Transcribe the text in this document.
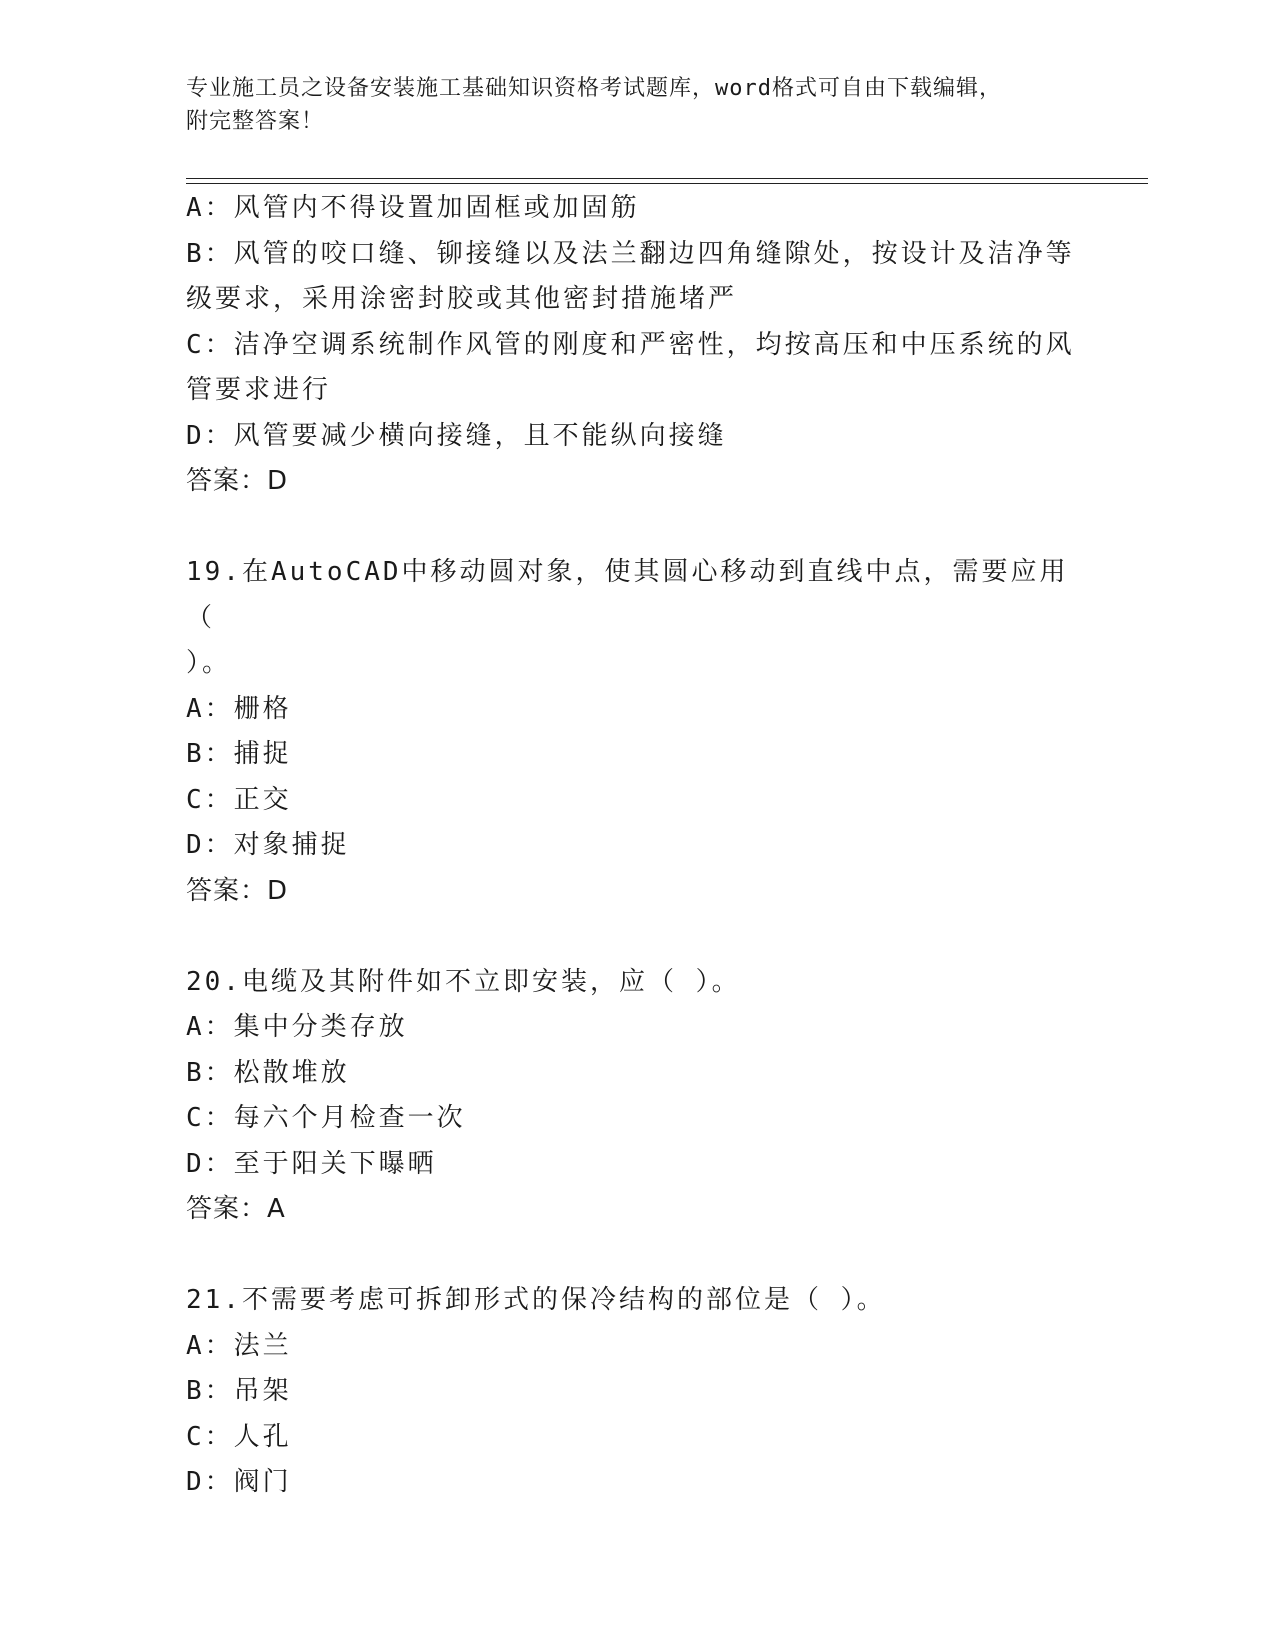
专业施工员之设备安装施工基础知识资格考试题库，word格式可自由下载编辑，
附完整答案！
A：风管内不得设置加固框或加固筋
B：风管的咬口缝、铆接缝以及法兰翻边四角缝隙处，按设计及洁净等
级要求，采用涂密封胶或其他密封措施堵严
C：洁净空调系统制作风管的刚度和严密性，均按高压和中压系统的风
管要求进行
D：风管要减少横向接缝，且不能纵向接缝
答案：D
19.在AutoCAD中移动圆对象，使其圆心移动到直线中点，需要应用（
）。
A：栅格
B：捕捉
C：正交
D：对象捕捉
答案：D
20.电缆及其附件如不立即安装，应（ ）。
A：集中分类存放
B：松散堆放
C：每六个月检查一次
D：至于阳关下曝晒
答案：A
21.不需要考虑可拆卸形式的保冷结构的部位是（ ）。
A：法兰
B：吊架
C：人孔
D：阀门
